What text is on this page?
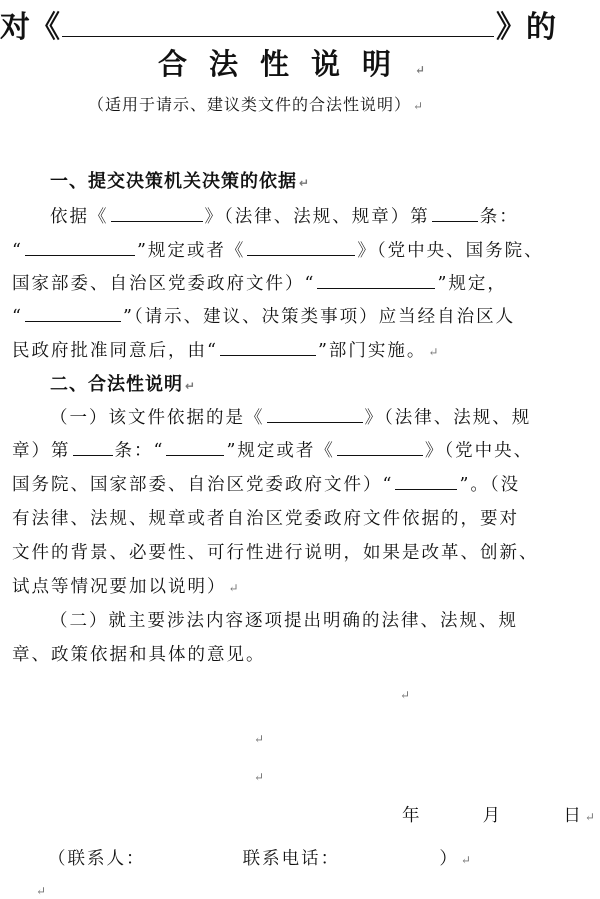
对《	》的
合法性说明 ↵
（适用于请示、建议类文件的合法性说明） ↵
一、提交决策机关决策的依据 ↵
依据《	》（法律、法规、规章）第	条：
“	”规定或者《	》（党中央、国务院、
国家部委、自治区党委政府文件）“	”规定，
“	”（请示、建议、决策类事项）应当经自治区人
民政府批准同意后，由“	”部门实施。 ↵
二、合法性说明 ↵
（一）该文件依据的是《	》（法律、法规、规
章）第	条：“	”规定或者《	》（党中央、
国务院、国家部委、自治区党委政府文件）“	”。（没
有法律、法规、规章或者自治区党委政府文件依据的，要对
文件的背景、必要性、可行性进行说明，如果是改革、创新、
试点等情况要加以说明） ↵
（二）就主要涉法内容逐项提出明确的法律、法规、规
章、政策依据和具体的意见。
↵
↵
↵
年	月	日 ↵
（联系人：	联系电话：	） ↵
↵
